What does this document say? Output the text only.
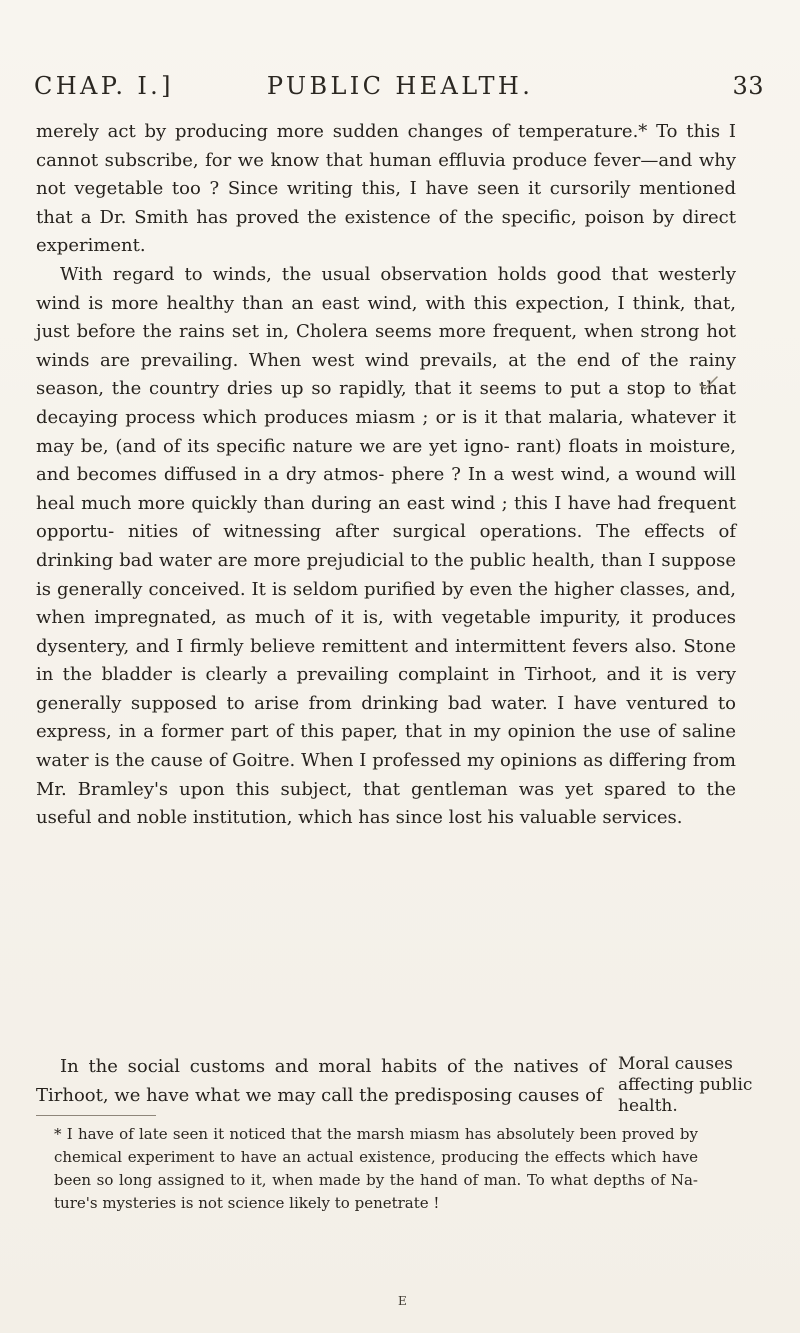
CHAP. I.]	PUBLIC HEALTH.	33

merely act by producing more sudden changes of temperature.* To this I cannot subscribe, for we know that human effluvia produce fever—and why not vegetable too ? Since writing this, I have seen it cursorily mentioned that a Dr. Smith has proved the existence of the specific, poison by direct experiment.

With regard to winds, the usual observation holds good that westerly wind is more healthy than an east wind, with this expection, I think, that, just before the rains set in, Cholera seems more frequent, when strong hot winds are prevailing. When west wind prevails, at the end of the rainy season, the country dries up so rapidly, that it seems to put a stop to that decaying process which produces miasm ; or is it that malaria, whatever it may be, (and of its specific nature we are yet igno- rant) floats in moisture, and becomes diffused in a dry atmos- phere ? In a west wind, a wound will heal much more quickly than during an east wind ; this I have had frequent opportu- nities of witnessing after surgical operations. The effects of drinking bad water are more prejudicial to the public health, than I suppose is generally conceived. It is seldom purified by even the higher classes, and, when impregnated, as much of it is, with vegetable impurity, it produces dysentery, and I firmly believe remittent and intermittent fevers also. Stone in the bladder is clearly a prevailing complaint in Tirhoot, and it is very generally supposed to arise from drinking bad water. I have ventured to express, in a former part of this paper, that in my opinion the use of saline water is the cause of Goitre. When I professed my opinions as differing from Mr. Bramley's upon this subject, that gentleman was yet spared to the useful and noble institution, which has since lost his valuable services.

In the social customs and moral habits of the natives of Tirhoot, we have what we may call the predisposing causes of
Moral causes affecting public health.
* I have of late seen it noticed that the marsh miasm has absolutely been proved by chemical experiment to have an actual existence, producing the effects which have been so long assigned to it, when made by the hand of man. To what depths of Na- ture's mysteries is not science likely to penetrate !
E
